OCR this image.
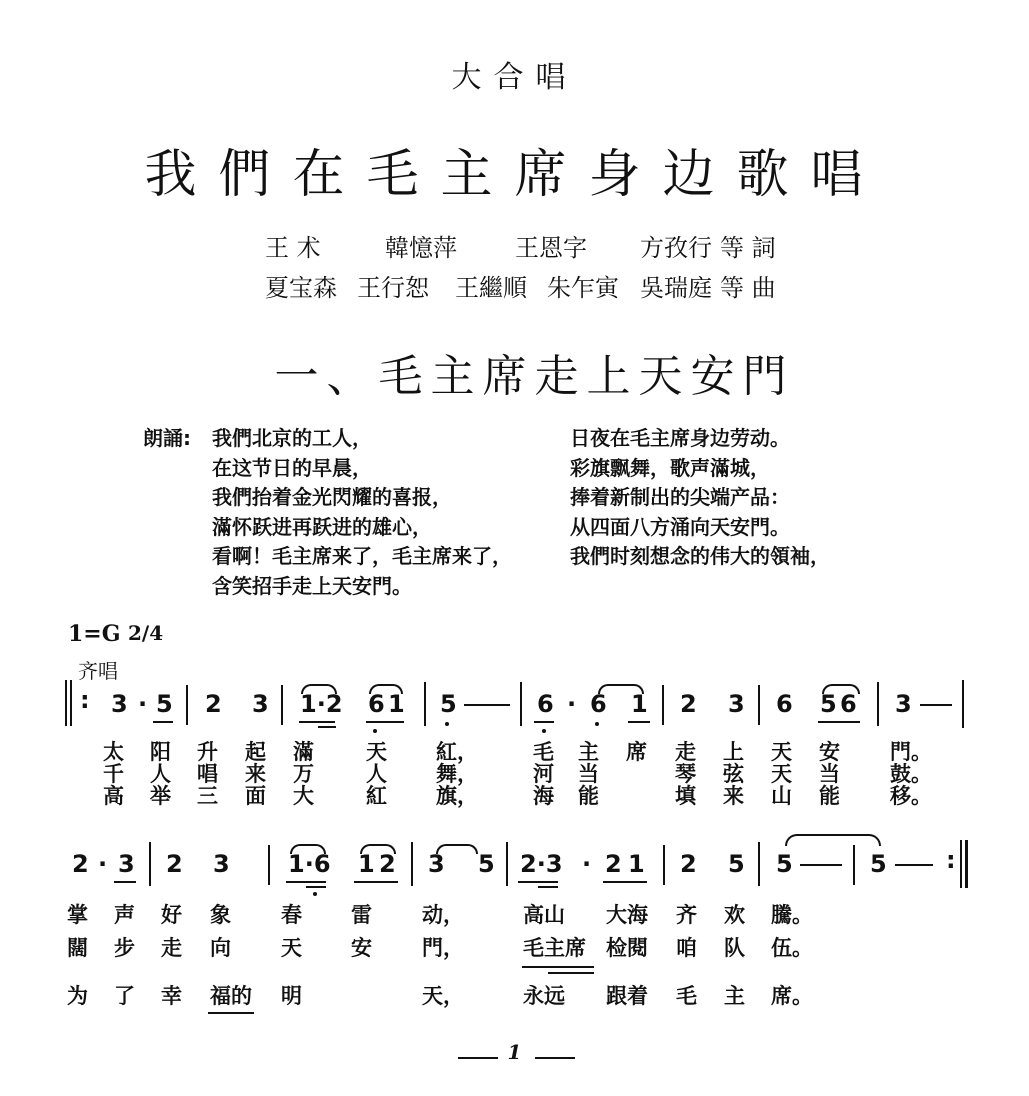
大合唱
我們在毛主席身边歌唱
王 术	韓憶萍 王恩字 方孜行 等 詞
夏宝森 王行恕 王繼順 朱乍寅 吳瑞庭 等 曲
一、毛主席走上天安門
朗誦: 我們北京的工人，
在这节日的早晨，
我們抬着金光閃耀的喜报，
滿怀跃进再跃进的雄心，
看啊！毛主席来了，毛主席来了，
含笑招手走上天安門。
日夜在毛主席身边劳动。
彩旗飘舞，歌声滿城，
捧着新制出的尖端产品：
从四面八方涌向天安門。
我們时刻想念的伟大的領袖，
1=G 2/4
齐唱
: 3 · 5 2 3 1·2 6 1 5	6 · 6 1 2 3 6 5 6 3
太 阳 升 起 滿 天 紅，	毛 主 席 走 上 天 安 門。
千 人 唱 来 万 人 舞，	河 当	琴 弦 天 当 鼓。
高 举 三 面 大 紅 旗，	海 能	填 来 山 能 移。
2 · 3 2 3 1·6 1 2 3 5 2·3 · 2 1 2 5 5	5 :
掌 声 好 象 春 雷 动，	高山 大海 齐 欢 騰。
闊 步 走 向 天 安 門，	毛主席 检閱 咱 队 伍。
为 了 幸 福的 明	天，	永远 跟着 毛 主 席。
1
